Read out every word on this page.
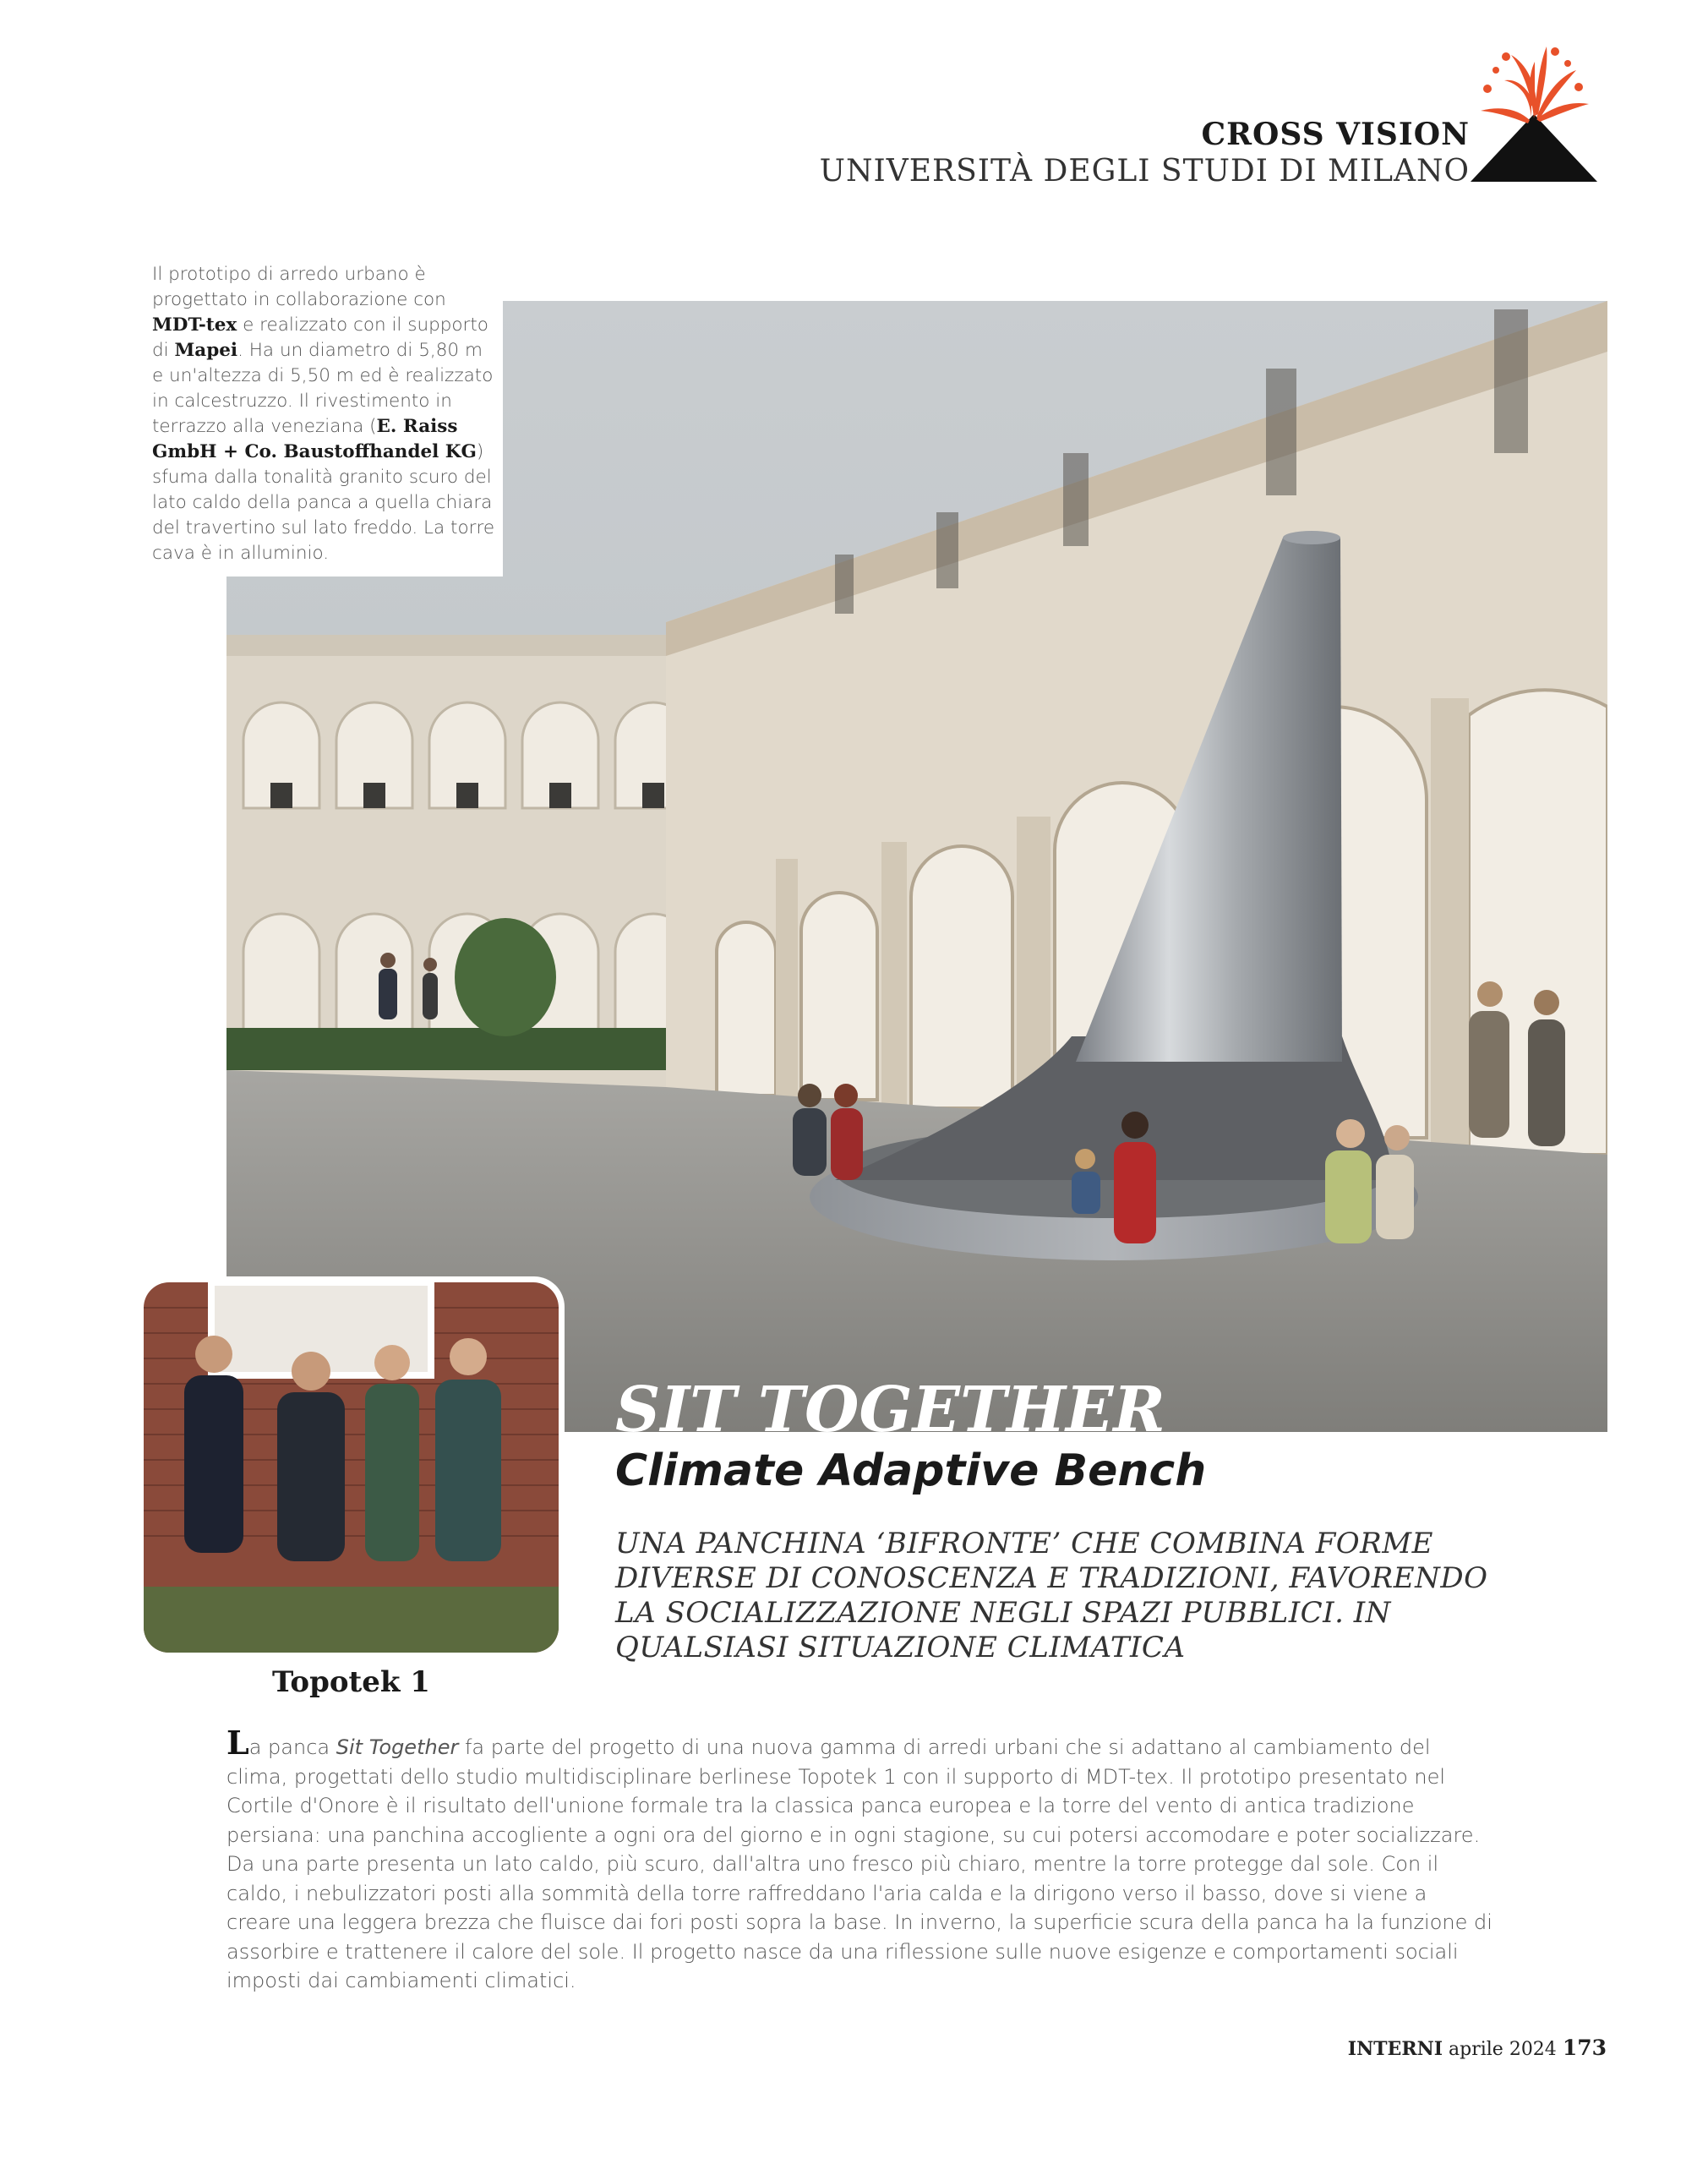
CROSS VISION
UNIVERSITÀ DEGLI STUDI DI MILANO
Il prototipo di arredo urbano è progettato in collaborazione con MDT-tex e realizzato con il supporto di Mapei. Ha un diametro di 5,80 m e un'altezza di 5,50 m ed è realizzato in calcestruzzo. Il rivestimento in terrazzo alla veneziana (E. Raiss GmbH + Co. Baustoffhandel KG) sfuma dalla tonalità granito scuro del lato caldo della panca a quella chiara del travertino sul lato freddo. La torre cava è in alluminio.
Topotek 1
SIT TOGETHER
Climate Adaptive Bench
UNA PANCHINA ‘BIFRONTE’ CHE COMBINA FORME DIVERSE DI CONOSCENZA E TRADIZIONI, FAVORENDO LA SOCIALIZZAZIONE NEGLI SPAZI PUBBLICI. IN QUALSIASI SITUAZIONE CLIMATICA
La panca Sit Together fa parte del progetto di una nuova gamma di arredi urbani che si adattano al cambiamento del clima, progettati dello studio multidisciplinare berlinese Topotek 1 con il supporto di MDT-tex. Il prototipo presentato nel Cortile d'Onore è il risultato dell'unione formale tra la classica panca europea e la torre del vento di antica tradizione persiana: una panchina accogliente a ogni ora del giorno e in ogni stagione, su cui potersi accomodare e poter socializzare. Da una parte presenta un lato caldo, più scuro, dall'altra uno fresco più chiaro, mentre la torre protegge dal sole. Con il caldo, i nebulizzatori posti alla sommità della torre raffreddano l'aria calda e la dirigono verso il basso, dove si viene a creare una leggera brezza che fluisce dai fori posti sopra la base. In inverno, la superficie scura della panca ha la funzione di assorbire e trattenere il calore del sole. Il progetto nasce da una riflessione sulle nuove esigenze e comportamenti sociali imposti dai cambiamenti climatici.
INTERNI aprile 2024 173
